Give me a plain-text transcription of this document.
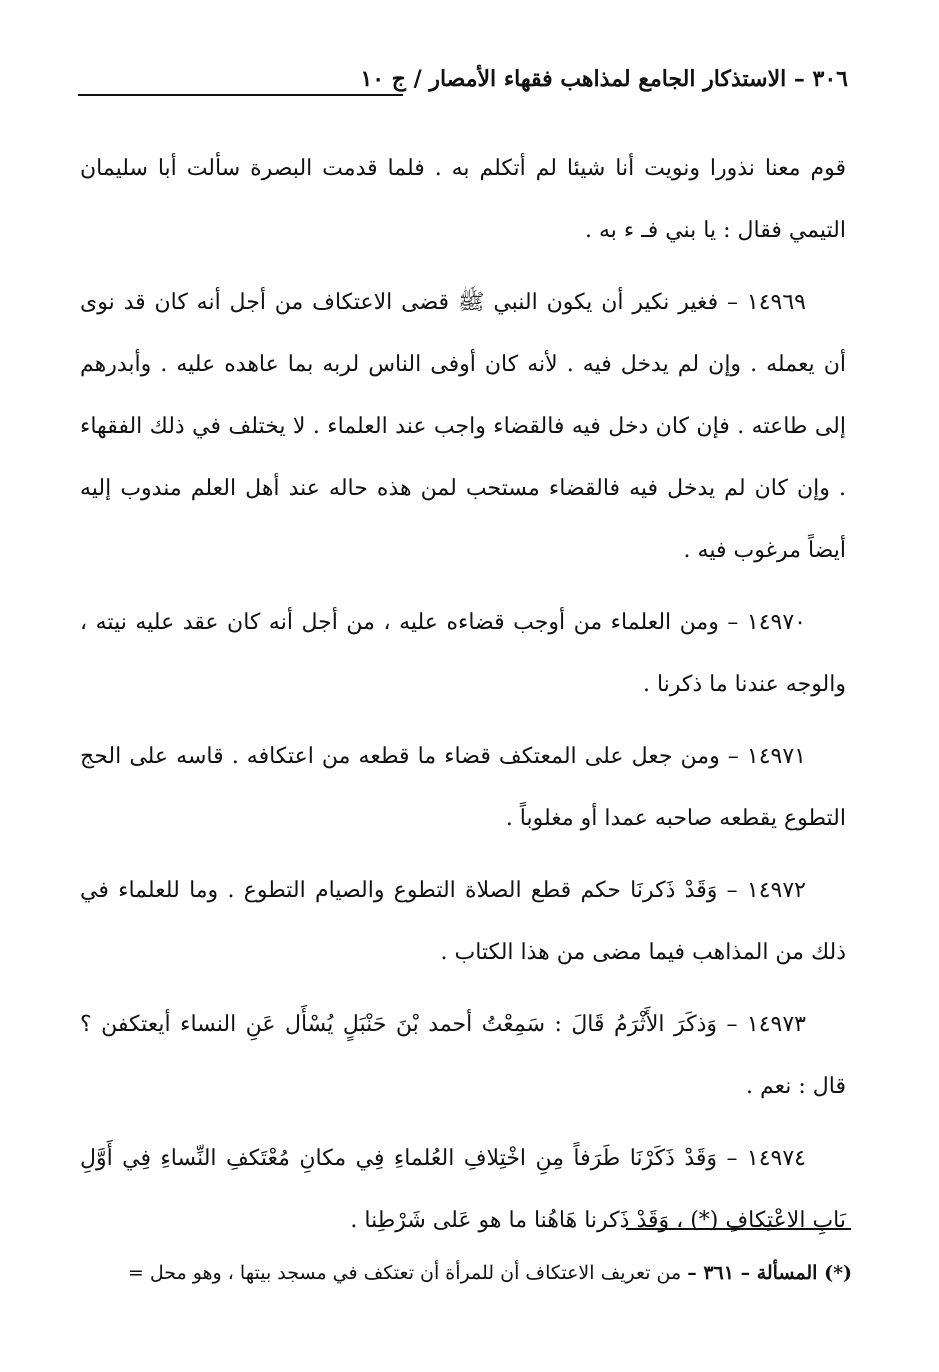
٣٠٦ – الاستذكار الجامع لمذاهب فقهاء الأمصار / ج ١٠

قوم معنا نذورا ونويت أنا شيئا لم أتكلم به . فلما قدمت البصرة سألت أبا سليمان التيمي فقال : يا بني فـ ء به .

١٤٩٦٩ – فغير نكير أن يكون النبي ﷺ قضى الاعتكاف من أجل أنه كان قد نوى أن يعمله . وإن لم يدخل فيه . لأنه كان أوفى الناس لربه بما عاهده عليه . وأبدرهم إلى طاعته . فإن كان دخل فيه فالقضاء واجب عند العلماء . لا يختلف في ذلك الفقهاء . وإن كان لم يدخل فيه فالقضاء مستحب لمن هذه حاله عند أهل العلم مندوب إليه أيضاً مرغوب فيه .

١٤٩٧٠ – ومن العلماء من أوجب قضاءه عليه ، من أجل أنه كان عقد عليه نيته ، والوجه عندنا ما ذكرنا .

١٤٩٧١ – ومن جعل على المعتكف قضاء ما قطعه من اعتكافه . قاسه على الحج التطوع يقطعه صاحبه عمدا أو مغلوباً .

١٤٩٧٢ – وَقَدْ ذَكرنَا حكم قطع الصلاة التطوع والصيام التطوع . وما للعلماء في ذلك من المذاهب فيما مضى من هذا الكتاب .

١٤٩٧٣ – وَذكَرَ الأَثْرَمُ قَالَ : سَمِعْتُ أحمد بْنَ حَنْبَلٍ يُسْأَل عَنِ النساء أيعتكفن ؟ قال : نعم .

١٤٩٧٤ – وَقَدْ ذَكَرْنَا طَرَفاً مِنِ اخْتِلافِ العُلماءِ فِي مكانِ مُعْتَكفِ النِّساءِ فِي أَوَّلِ بَابِ الاعْتِكافِ (*) ، وَقَدْ ذَكرنا هَاهُنا ما هو عَلى شَرْطِنا .

(*) المسألة – ٣٦١ – من تعريف الاعتكاف أن للمرأة أن تعتكف في مسجد بيتها ، وهو محل =
